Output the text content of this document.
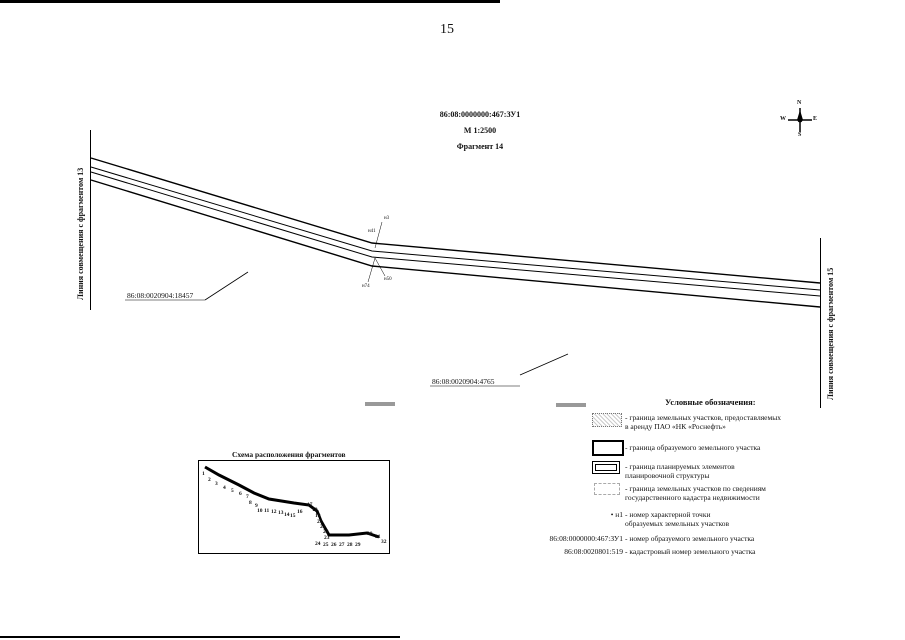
15
86:08:0000000:467:ЗУ1
М 1:2500
Фрагмент 14
N
S
W	E
Линия совмещения с фрагментом 13
Линия совмещения с фрагментом 15
н3
н41
н50
н74
86:08:0020904:18457
86:08:0020904:4765
Условные обозначения:
- граница земельных участков, предоставляемых
в аренду ПАО «НК «Роснефть»
- граница образуемого земельного участка
- граница планируемых элементов
планировочной структуры
- граница земельных участков по сведениям
государственного кадастра недвижимости
• н1 - номер характерной точки
образуемых земельных участков
86:08:0000000:467:ЗУ1 - номер образуемого земельного участка
86:08:0020801:519 - кадастровый номер земельного участка
Схема расположения фрагментов
1
2
3
4 5 6 7
8 9
10 11 12 13 14 15
16
17
18
19
20
21
22
23
24 25 26 27 28 29
30 31
32
